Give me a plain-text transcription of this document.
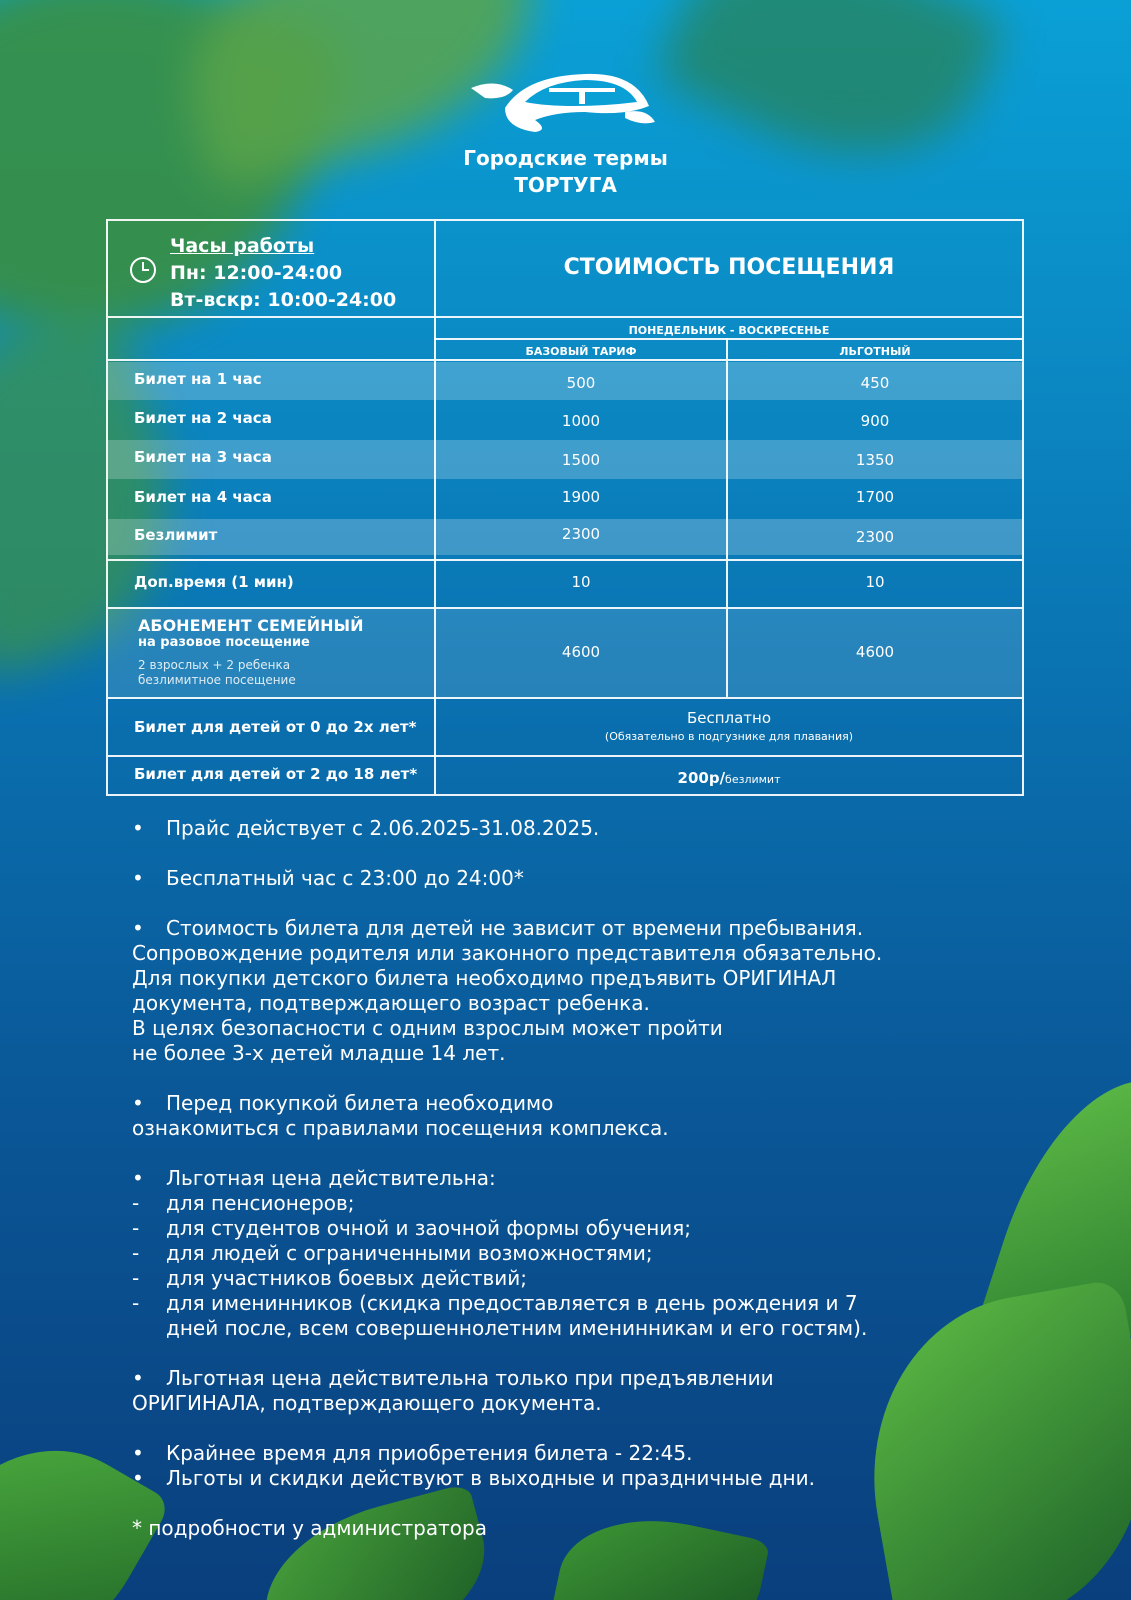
Городские термы
ТОРТУГА
Часы работы
Пн: 12:00-24:00
Вт-вскр: 10:00-24:00
СТОИМОСТЬ ПОСЕЩЕНИЯ
ПОНЕДЕЛЬНИК - ВОСКРЕСЕНЬЕ
БАЗОВЫЙ ТАРИФ	ЛЬГОТНЫЙ
Билет на 1 час	500	450
Билет на 2 часа	1000	900
Билет на 3 часа	1500	1350
Билет на 4 часа	1900	1700
Безлимит	2300	2300
Доп.время (1 мин)	10	10
АБОНЕМЕНТ СЕМЕЙНЫЙ
на разовое посещение
2 взрослых + 2 ребенка
безлимитное посещение
4600	4600
Билет для детей от 0 до 2х лет*	Бесплатно
(Обязательно в подгузнике для плавания)
Билет для детей от 2 до 18 лет*	200р/безлимит
•	Прайс действует с 2.06.2025-31.08.2025.
•	Бесплатный час с 23:00 до 24:00*
•	Стоимость билета для детей не зависит от времени пребывания.
Сопровождение родителя или законного представителя обязательно.
Для покупки детского билета необходимо предъявить ОРИГИНАЛ
документа, подтверждающего возраст ребенка.
В целях безопасности с одним взрослым может пройти
не более 3-х детей младше 14 лет.
•	Перед покупкой билета необходимо
ознакомиться с правилами посещения комплекса.
•	Льготная цена действительна:
-	для пенсионеров;
-	для студентов очной и заочной формы обучения;
-	для людей с ограниченными возможностями;
-	для участников боевых действий;
-	для именинников (скидка предоставляется в день рождения и 7
дней после, всем совершеннолетним именинникам и его гостям).
•	Льготная цена действительна только при предъявлении
ОРИГИНАЛА, подтверждающего документа.
•	Крайнее время для приобретения билета - 22:45.
•	Льготы и скидки действуют в выходные и праздничные дни.
* подробности у администратора
